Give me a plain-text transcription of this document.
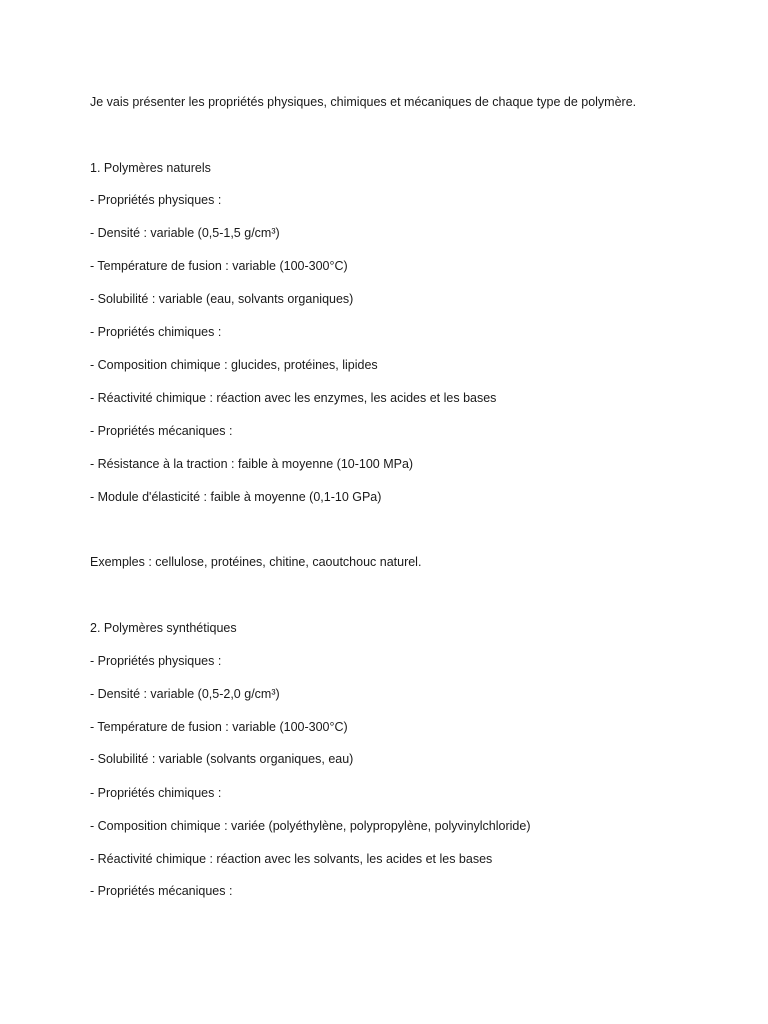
Je vais présenter les propriétés physiques, chimiques et mécaniques de chaque type de polymère.
1. Polymères naturels
- Propriétés physiques :
- Densité : variable (0,5-1,5 g/cm³)
- Température de fusion : variable (100-300°C)
- Solubilité : variable (eau, solvants organiques)
- Propriétés chimiques :
- Composition chimique : glucides, protéines, lipides
- Réactivité chimique : réaction avec les enzymes, les acides et les bases
- Propriétés mécaniques :
- Résistance à la traction : faible à moyenne (10-100 MPa)
- Module d'élasticité : faible à moyenne (0,1-10 GPa)
Exemples : cellulose, protéines, chitine, caoutchouc naturel.
2. Polymères synthétiques
- Propriétés physiques :
- Densité : variable (0,5-2,0 g/cm³)
- Température de fusion : variable (100-300°C)
- Solubilité : variable (solvants organiques, eau)
- Propriétés chimiques :
- Composition chimique : variée (polyéthylène, polypropylène, polyvinylchloride)
- Réactivité chimique : réaction avec les solvants, les acides et les bases
- Propriétés mécaniques :
